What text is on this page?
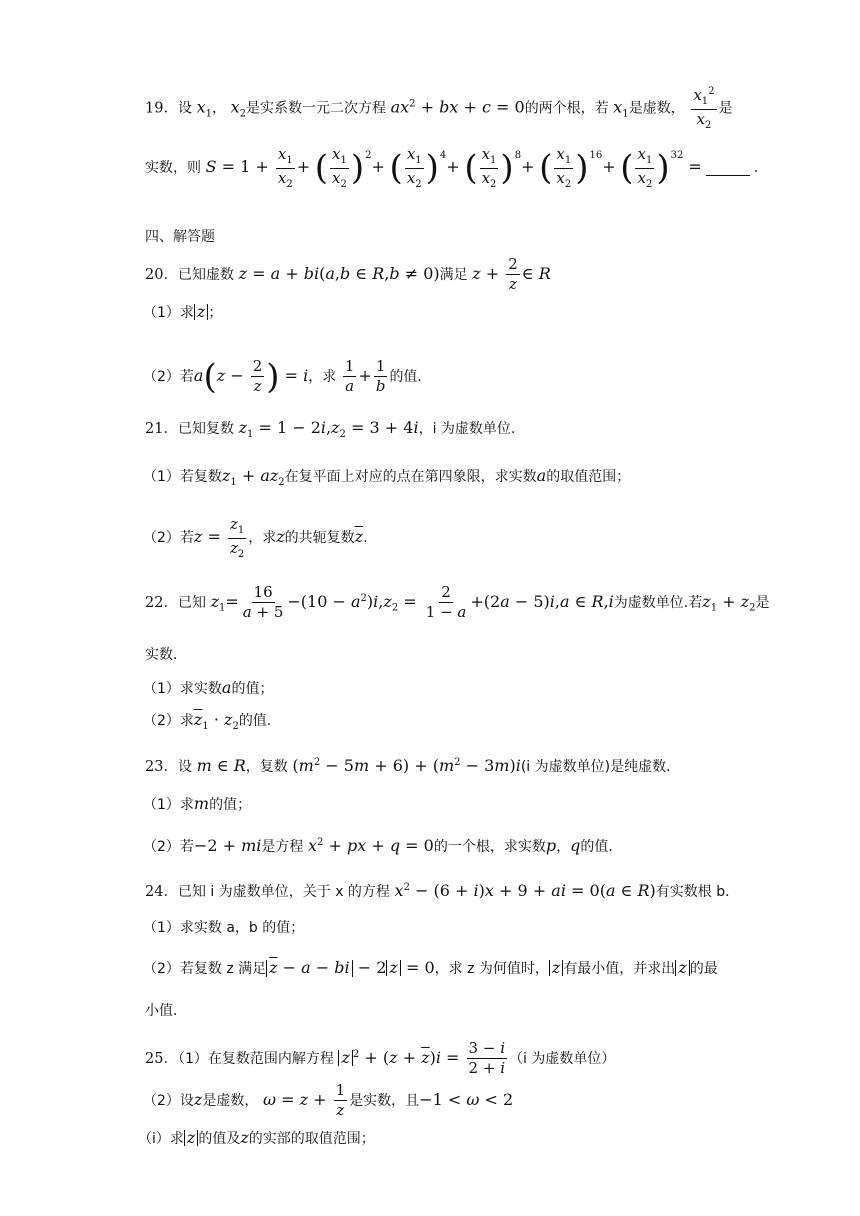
19．设 $x_1$， $x_2$是实系数一元二次方程 $ax^2$ + bx + c = 0的两个根，若 $x_1$是虚数， $\frac{x_1^2}{x_2}$ 是
实数，则 $S = 1 + \frac{x_1}{x_2}$ + ( $\frac{x_1}{x_2} )^2+$ ( $\frac{x_1}{x_2} )^4+$ ( $\frac{x_1}{x_2} )^8+$ ( $\frac{x_1}{x_2} )^{16}+$ ( $\frac{x_1}{x_2} )^{32}$ =	．
四、解答题
20．已知虚数 z = a + bi(a,b ∈ R,b ≠ 0)满足 $z + \frac{2}{z}$ ∈ R
（1）求 z ；
（2）若$a(z - \frac{2}{z}$ ) = i，求 $\frac{1}{a} + \frac{1}{b}$ 的值.
21．已知复数 $z_1 = 1 - 2i,z_2 = 3 + 4i$，i 为虚数单位.
（1）若复数$z_1 + az_2$在复平面上对应的点在第四象限，求实数a的取值范围；
（2）若$z = \frac{z_1}{z_2}$ ，求z的共轭复数$\overline{z}$.
22．已知 $z_1= \frac{16}{a + 5} -(10 - a^2)i,z_2 = \frac{2}{1 - a} +(2a - 5)i,a$ ∈ R,i为虚数单位.若$z_1 + z_2$是
实数.
（1）求实数a的值；
（2）求$\overline{z}_1 \cdot z_2$的值.
23．设 m ∈ R，复数 $(m^2 - 5m + 6) + (m^2 - 3m)i(i$ 为虚数单位)是纯虚数．
（1）求m的值；
（2）若−2 + mi是方程 $x^2$ + px + q = 0的一个根，求实数p，q的值．
24．已知 i 为虚数单位，关于 x 的方程 $x^2 - (6 + i)x + 9$ + ai = 0(a ∈ R)有实数根 b.
（1）求实数 a，b 的值；
（2）若复数 z 满足 $\overline{z} - a$ − bi − 2 z = 0，求 z 为何值时， z 有最小值，并求出 z 的最
小值.
25．（1）在复数范围内解方程 z $^2 + (z + \overline{z})i = \frac{3 - i}{2 + i} (i$ 为虚数单位）
（2）设z是虚数， $\omega = z + \frac{1}{z}$ 是实数，且−1 < ω < 2
（i）求 z 的值及z的实部的取值范围；
